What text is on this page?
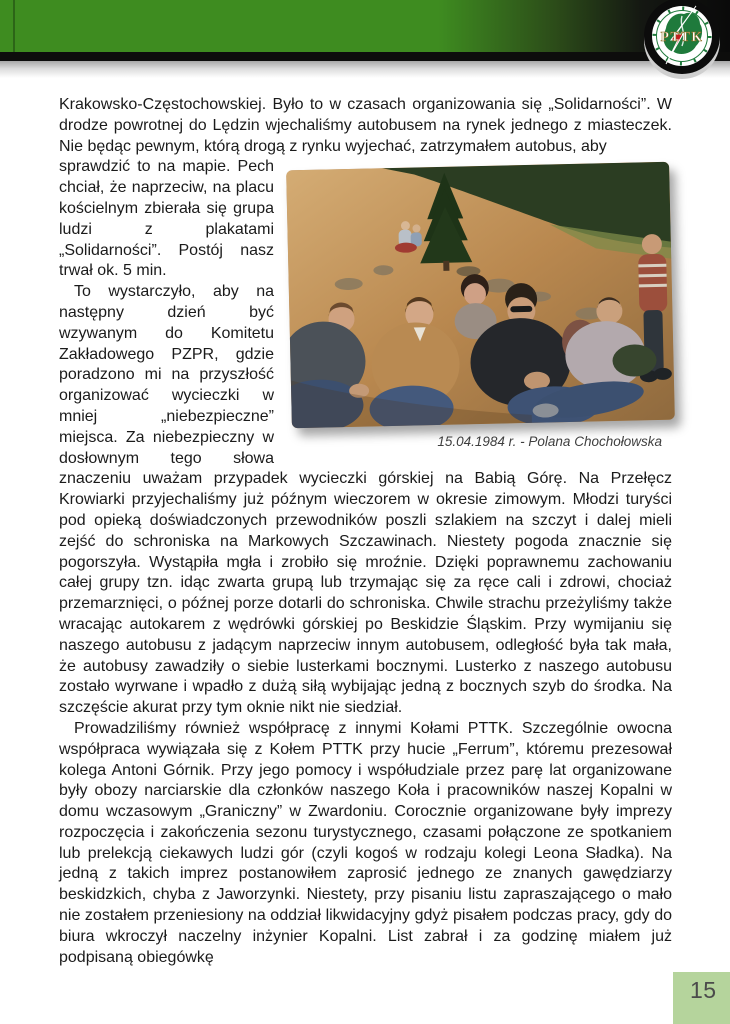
PTTK

Krakowsko-Częstochowskiej. Było to w czasach organizowania się „Solidarności”. W drodze powrotnej do Lędzin wjechaliśmy autobusem na rynek jednego z miasteczek. Nie będąc pewnym, którą drogą z rynku wyjechać, zatrzymałem autobus, aby

15.04.1984 r. - Polana Chochołowska

sprawdzić to na mapie. Pech chciał, że naprzeciw, na placu kościelnym zbierała się grupa ludzi z plakatami „Solidarności”. Postój nasz trwał ok. 5 min.

To wystarczyło, aby na następny dzień być wzywanym do Komitetu Zakładowego PZPR, gdzie poradzono mi na przyszłość organizować wycieczki w mniej „niebezpieczne” miejsca. Za niebezpieczny w dosłownym tego słowa znaczeniu uważam przypadek wycieczki górskiej na Babią Górę. Na Przełęcz Krowiarki przyjechaliśmy już późnym wieczorem w okresie zimowym. Młodzi turyści pod opieką doświadczonych przewodników poszli szlakiem na szczyt i dalej mieli zejść do schroniska na Markowych Szczawinach. Niestety pogoda znacznie się pogorszyła. Wystąpiła mgła i zrobiło się mroźnie. Dzięki poprawnemu zachowaniu całej grupy tzn. idąc zwarta grupą lub trzymając się za ręce cali i zdrowi, chociaż przemarznięci, o późnej porze dotarli do schroniska. Chwile strachu przeżyliśmy także wracając autokarem z wędrówki górskiej po Beskidzie Śląskim. Przy wymijaniu się naszego autobusu z jadącym naprzeciw innym autobusem, odległość była tak mała, że autobusy zawadziły o siebie lusterkami bocznymi. Lusterko z naszego autobusu zostało wyrwane i wpadło z dużą siłą wybijając jedną z bocznych szyb do środka. Na szczęście akurat przy tym oknie nikt nie siedział.

Prowadziliśmy również współpracę z innymi Kołami PTTK. Szczególnie owocna współpraca wywiązała się z Kołem PTTK przy hucie „Ferrum”, któremu prezesował kolega Antoni Górnik. Przy jego pomocy i współudziale przez parę lat organizowane były obozy narciarskie dla członków naszego Koła i pracowników naszej Kopalni w domu wczasowym „Graniczny” w Zwardoniu. Corocznie organizowane były imprezy rozpoczęcia i zakończenia sezonu turystycznego, czasami połączone ze spotkaniem lub prelekcją ciekawych ludzi gór (czyli kogoś w rodzaju kolegi Leona Sładka). Na jedną z takich imprez postanowiłem zaprosić jednego ze znanych gawędziarzy beskidzkich, chyba z Jaworzynki. Niestety, przy pisaniu listu zapraszającego o mało nie zostałem przeniesiony na oddział likwidacyjny gdyż pisałem podczas pracy, gdy do biura wkroczył naczelny inżynier Kopalni. List zabrał i za godzinę miałem już podpisaną obiegówkę

15
